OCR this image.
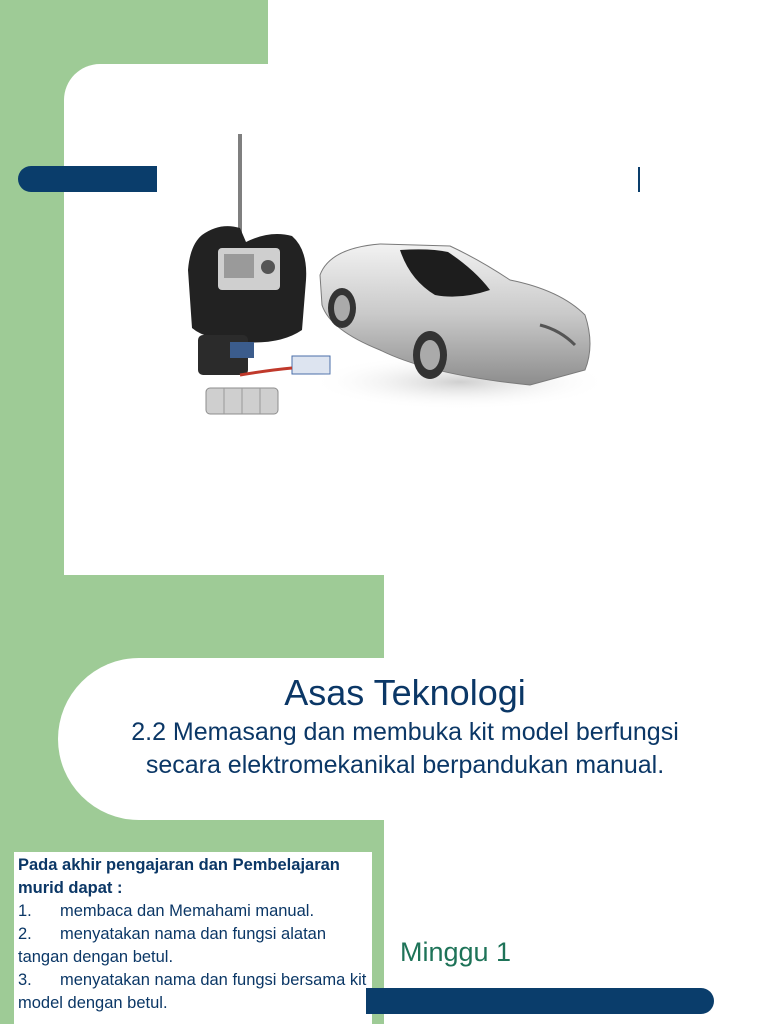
Asas Teknologi
2.2 Memasang dan membuka kit model berfungsi secara elektromekanikal berpandukan manual.
Pada akhir pengajaran dan Pembelajaran murid dapat :
1. membaca dan Memahami manual.
2. menyatakan nama dan fungsi alatan tangan dengan betul.
3. menyatakan nama dan fungsi bersama kit model dengan betul.
Minggu 1
